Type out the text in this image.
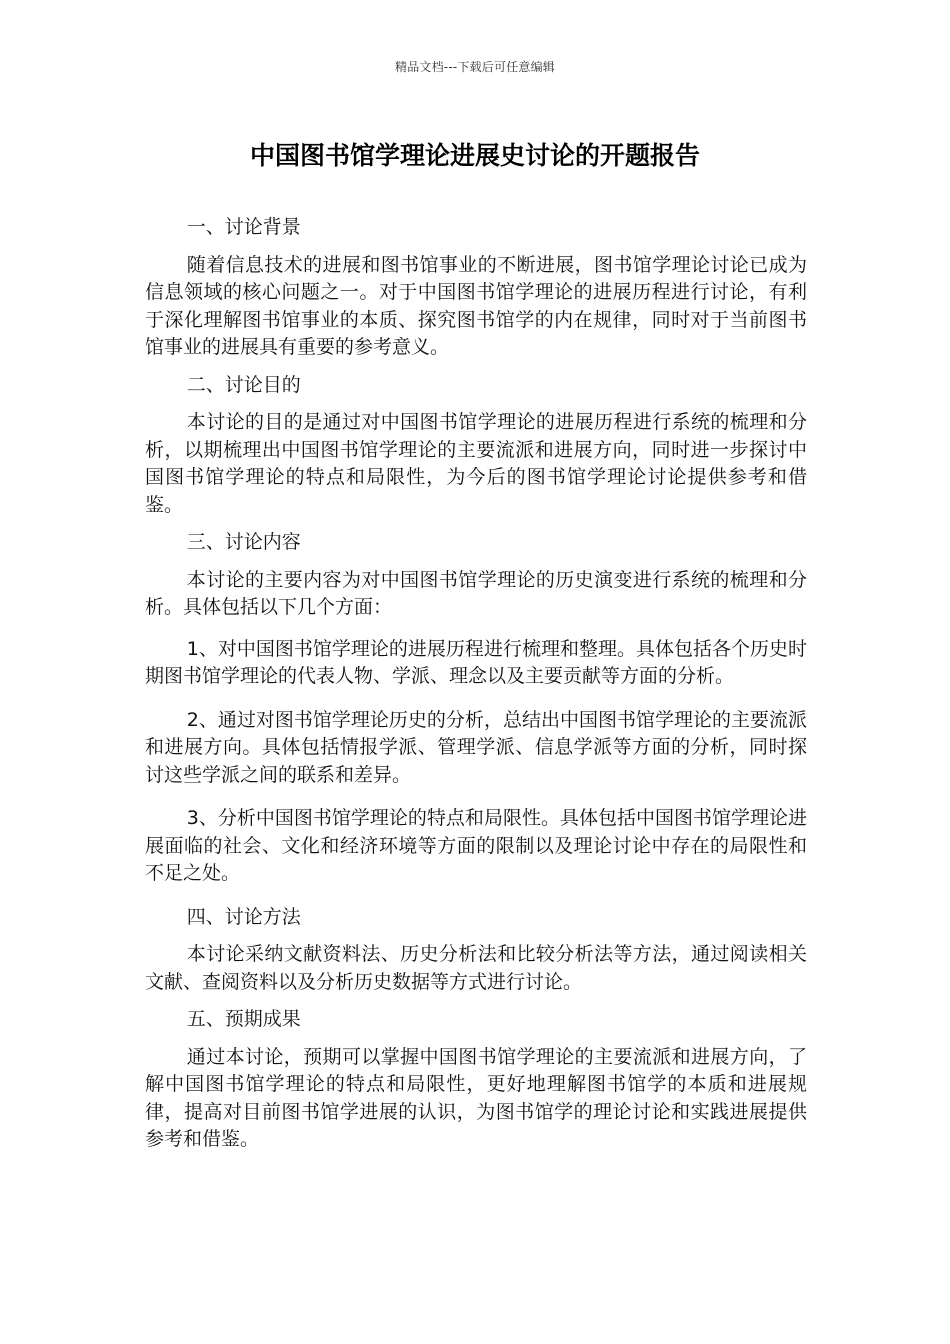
精品文档---下载后可任意编辑
中国图书馆学理论进展史讨论的开题报告

一、讨论背景

随着信息技术的进展和图书馆事业的不断进展，图书馆学理论讨论已成为信息领域的核心问题之一。对于中国图书馆学理论的进展历程进行讨论，有利于深化理解图书馆事业的本质、探究图书馆学的内在规律，同时对于当前图书馆事业的进展具有重要的参考意义。

二、讨论目的

本讨论的目的是通过对中国图书馆学理论的进展历程进行系统的梳理和分析，以期梳理出中国图书馆学理论的主要流派和进展方向，同时进一步探讨中国图书馆学理论的特点和局限性，为今后的图书馆学理论讨论提供参考和借鉴。

三、讨论内容

本讨论的主要内容为对中国图书馆学理论的历史演变进行系统的梳理和分析。具体包括以下几个方面：

1、对中国图书馆学理论的进展历程进行梳理和整理。具体包括各个历史时期图书馆学理论的代表人物、学派、理念以及主要贡献等方面的分析。

2、通过对图书馆学理论历史的分析，总结出中国图书馆学理论的主要流派和进展方向。具体包括情报学派、管理学派、信息学派等方面的分析，同时探讨这些学派之间的联系和差异。

3、分析中国图书馆学理论的特点和局限性。具体包括中国图书馆学理论进展面临的社会、文化和经济环境等方面的限制以及理论讨论中存在的局限性和不足之处。

四、讨论方法

本讨论采纳文献资料法、历史分析法和比较分析法等方法，通过阅读相关文献、查阅资料以及分析历史数据等方式进行讨论。

五、预期成果

通过本讨论，预期可以掌握中国图书馆学理论的主要流派和进展方向，了解中国图书馆学理论的特点和局限性，更好地理解图书馆学的本质和进展规律，提高对目前图书馆学进展的认识，为图书馆学的理论讨论和实践进展提供参考和借鉴。
